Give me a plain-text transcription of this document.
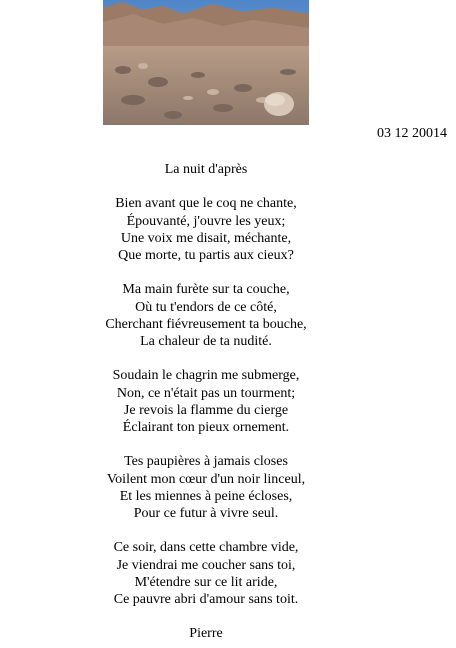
03 12 20014
La nuit d'après
Bien avant que le coq ne chante,
Épouvanté, j'ouvre les yeux;
Une voix me disait, méchante,
Que morte, tu partis aux cieux?
Ma main furète sur ta couche,
Où tu t'endors de ce côté,
Cherchant fiévreusement ta bouche,
La chaleur de ta nudité.
Soudain le chagrin me submerge,
Non, ce n'était pas un tourment;
Je revois la flamme du cierge
Éclairant ton pieux ornement.
Tes paupières à jamais closes
Voilent mon cœur d'un noir linceul,
Et les miennes à peine écloses,
Pour ce futur à vivre seul.
Ce soir, dans cette chambre vide,
Je viendrai me coucher sans toi,
M'étendre sur ce lit aride,
Ce pauvre abri d'amour sans toit.
Pierre
